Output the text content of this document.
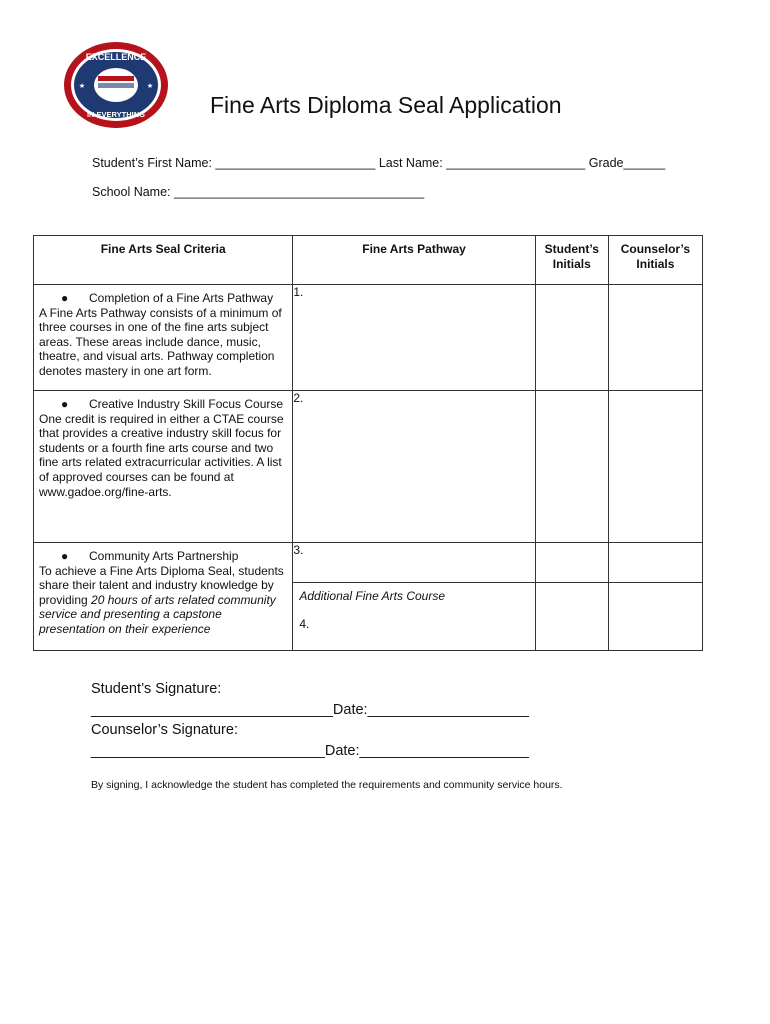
EXCELLENCE
IN EVERYTHING
★	★
Fine Arts Diploma Seal Application
Student’s First Name: _______________________ Last Name: ____________________ Grade______
School Name: ____________________________________
Fine Arts Seal Criteria	Fine Arts Pathway	Student’s Initials	Counselor’s Initials

● Completion of a Fine Arts Pathway
A Fine Arts Pathway consists of a minimum of three courses in one of the fine arts subject areas. These areas include dance, music, theatre, and visual arts. Pathway completion denotes mastery in one art form.	1.		

● Creative Industry Skill Focus Course
One credit is required in either a CTAE course that provides a creative industry skill focus for students or a fourth fine arts course and two fine arts related extracurricular activities. A list of approved courses can be found at www.gadoe.org/fine-arts.	2.		

● Community Arts Partnership
To achieve a Fine Arts Diploma Seal, students share their talent and industry knowledge by providing 20 hours of arts related community service and presenting a capstone presentation on their experience	3.		

	Additional Fine Arts Course
4.		

Student’s Signature:
______________________________Date:____________________
Counselor’s Signature:
_____________________________Date:_____________________
By signing, I acknowledge the student has completed the requirements and community service hours.
